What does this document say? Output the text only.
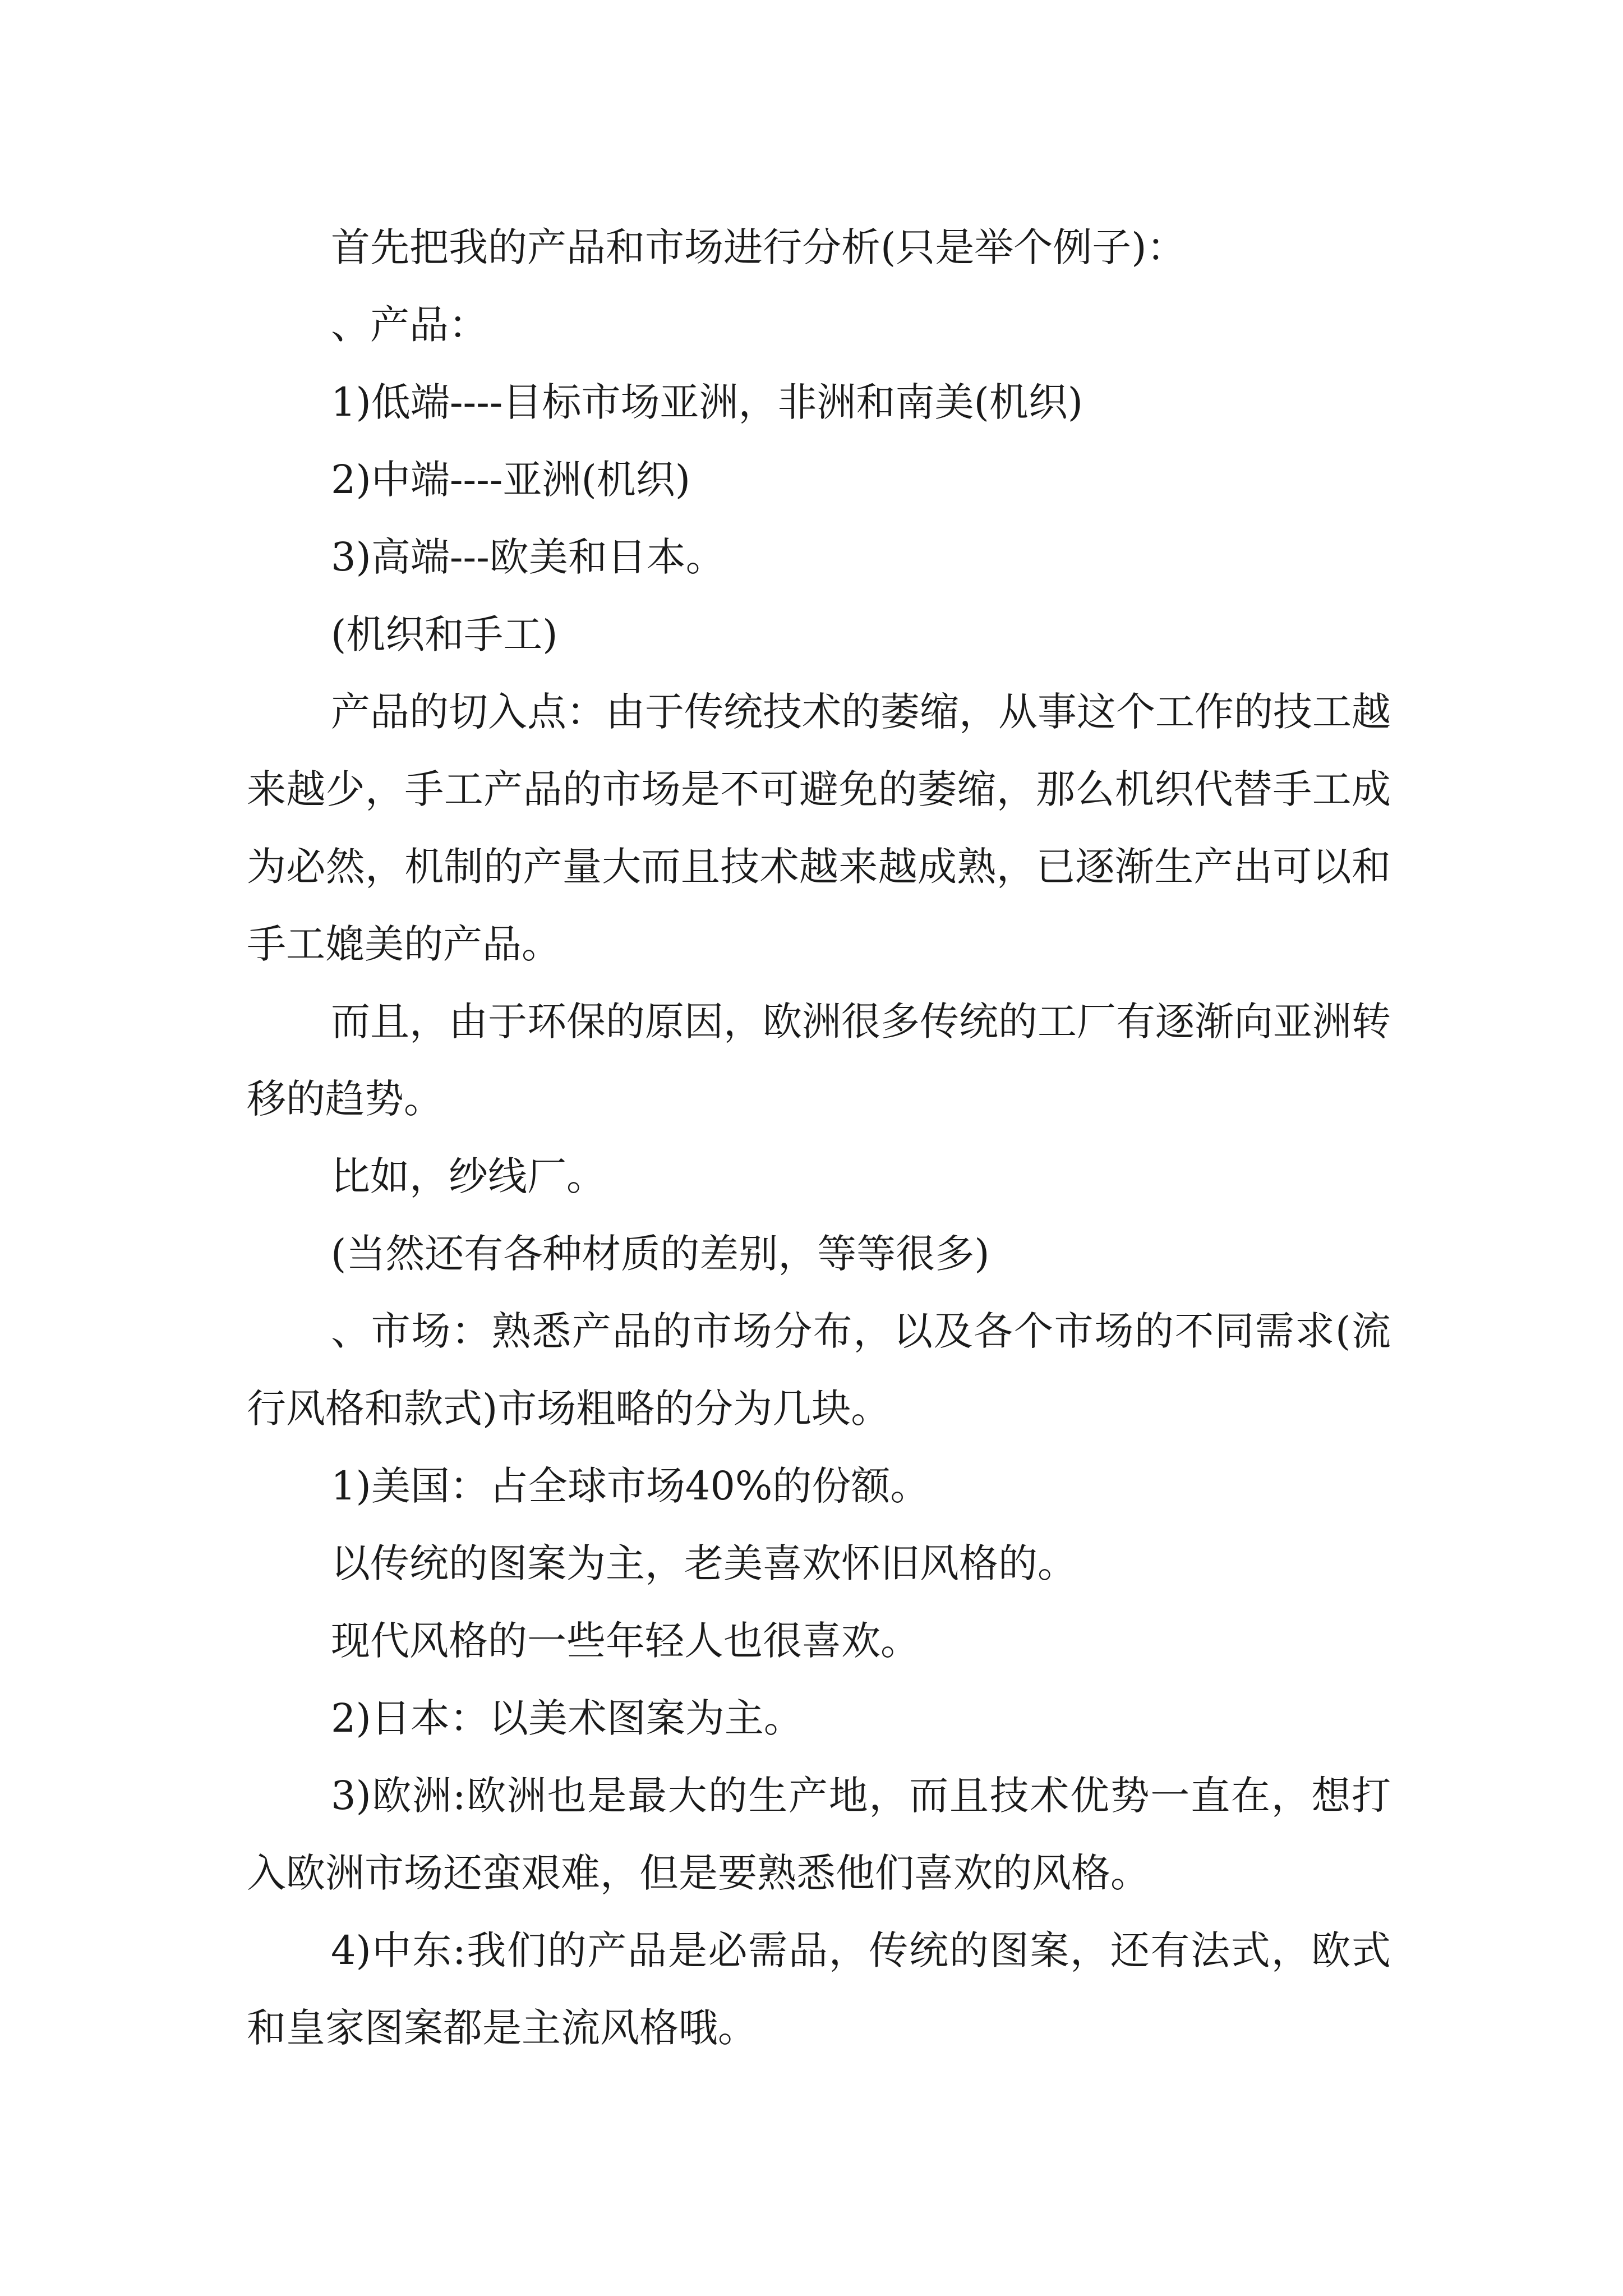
首先把我的产品和市场进行分析(只是举个例子)：

、产品：

1)低端----目标市场亚洲，非洲和南美(机织)

2)中端----亚洲(机织)

3)高端---欧美和日本。

(机织和手工)

产品的切入点：由于传统技术的萎缩，从事这个工作的技工越来越少，手工产品的市场是不可避免的萎缩，那么机织代替手工成为必然，机制的产量大而且技术越来越成熟，已逐渐生产出可以和手工媲美的产品。

而且，由于环保的原因，欧洲很多传统的工厂有逐渐向亚洲转移的趋势。

比如，纱线厂。

(当然还有各种材质的差别，等等很多)

、市场：熟悉产品的市场分布，以及各个市场的不同需求(流行风格和款式)市场粗略的分为几块。

1)美国：占全球市场40%的份额。

以传统的图案为主，老美喜欢怀旧风格的。

现代风格的一些年轻人也很喜欢。

2)日本：以美术图案为主。

3)欧洲:欧洲也是最大的生产地，而且技术优势一直在，想打入欧洲市场还蛮艰难，但是要熟悉他们喜欢的风格。

4)中东:我们的产品是必需品，传统的图案，还有法式，欧式和皇家图案都是主流风格哦。
